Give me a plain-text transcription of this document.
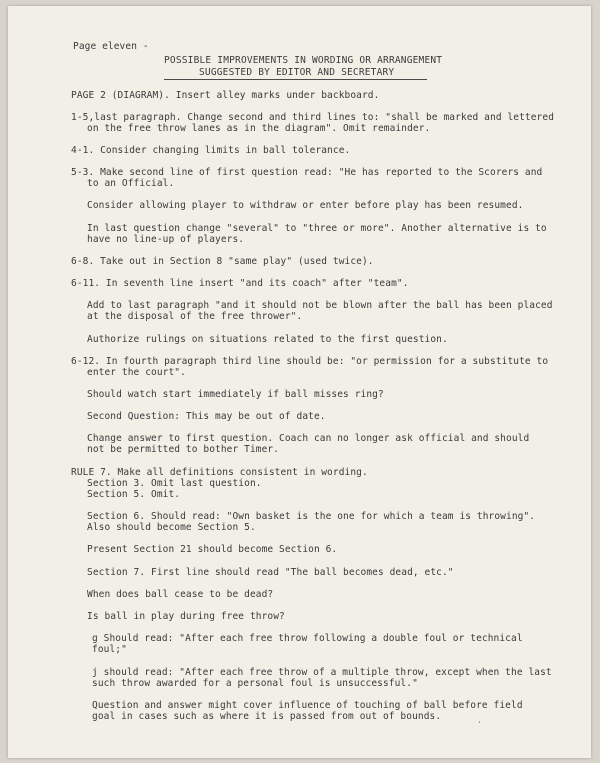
Page eleven -
POSSIBLE IMPROVEMENTS IN WORDING OR ARRANGEMENT
SUGGESTED BY EDITOR AND SECRETARY
PAGE 2 (DIAGRAM). Insert alley marks under backboard.
1-5,last paragraph. Change second and third lines to: "shall be marked and lettered
on the free throw lanes as in the diagram". Omit remainder.
4-1. Consider changing limits in ball tolerance.
5-3. Make second line of first question read: "He has reported to the Scorers and
to an Official.
Consider allowing player to withdraw or enter before play has been resumed.
In last question change "several" to "three or more". Another alternative is to
have no line-up of players.
6-8. Take out in Section 8 "same play" (used twice).
6-11. In seventh line insert "and its coach" after "team".
Add to last paragraph "and it should not be blown after the ball has been placed
at the disposal of the free thrower".
Authorize rulings on situations related to the first question.
6-12. In fourth paragraph third line should be: "or permission for a substitute to
enter the court".
Should watch start immediately if ball misses ring?
Second Question: This may be out of date.
Change answer to first question. Coach can no longer ask official and should
not be permitted to bother Timer.
RULE 7. Make all definitions consistent in wording.
Section 3. Omit last question.
Section 5. Omit.
Section 6. Should read: "Own basket is the one for which a team is throwing".
Also should become Section 5.
Present Section 21 should become Section 6.
Section 7. First line should read "The ball becomes dead, etc."
When does ball cease to be dead?
Is ball in play during free throw?
g Should read: "After each free throw following a double foul or technical
foul;"
j should read: "After each free throw of a multiple throw, except when the last
such throw awarded for a personal foul is unsuccessful."
Question and answer might cover influence of touching of ball before field
goal in cases such as where it is passed from out of bounds.
⋅
